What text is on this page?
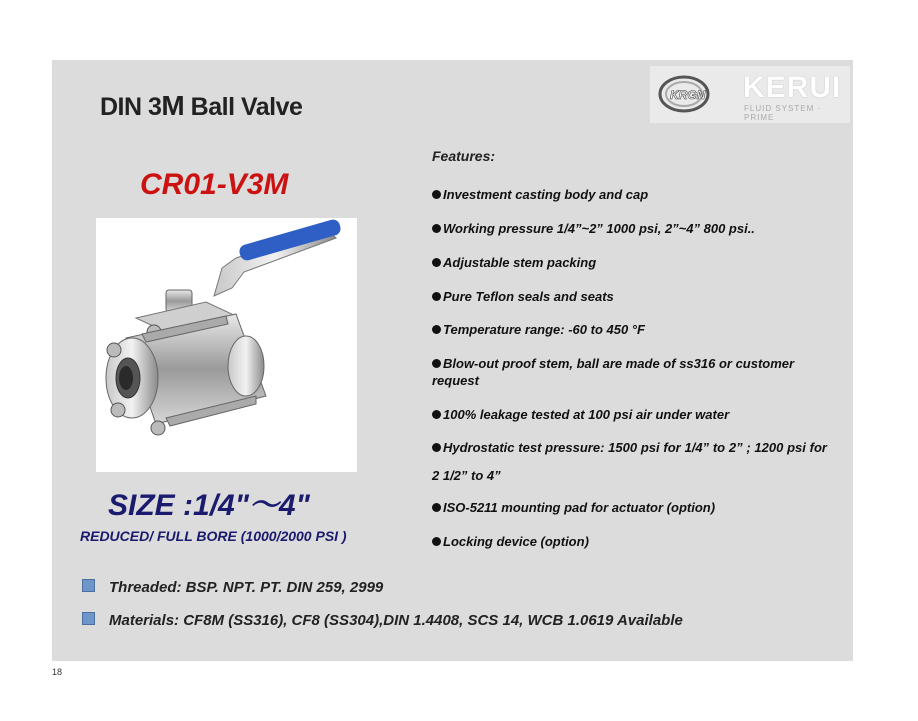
DIN 3M Ball Valve	KRGN KERUI
FLUID SYSTEM · PRIME
CR01-V3M
SIZE :1/4"～4"
REDUCED/ FULL BORE (1000/2000 PSI )
Features:
Investment casting body and cap
Working pressure 1/4”~2” 1000 psi, 2”~4” 800 psi..
Adjustable stem packing
Pure Teflon seals and seats
Temperature range: -60 to 450 °F
Blow-out proof stem, ball are made of ss316 or customer request
100% leakage tested at 100 psi air under water
Hydrostatic test pressure: 1500 psi for 1/4” to 2” ; 1200 psi for 2 1/2” to 4”
ISO-5211 mounting pad for actuator (option)
Locking device (option)
Threaded: BSP. NPT. PT. DIN 259, 2999
Materials: CF8M (SS316), CF8 (SS304),DIN 1.4408, SCS 14, WCB 1.0619 Available
18
